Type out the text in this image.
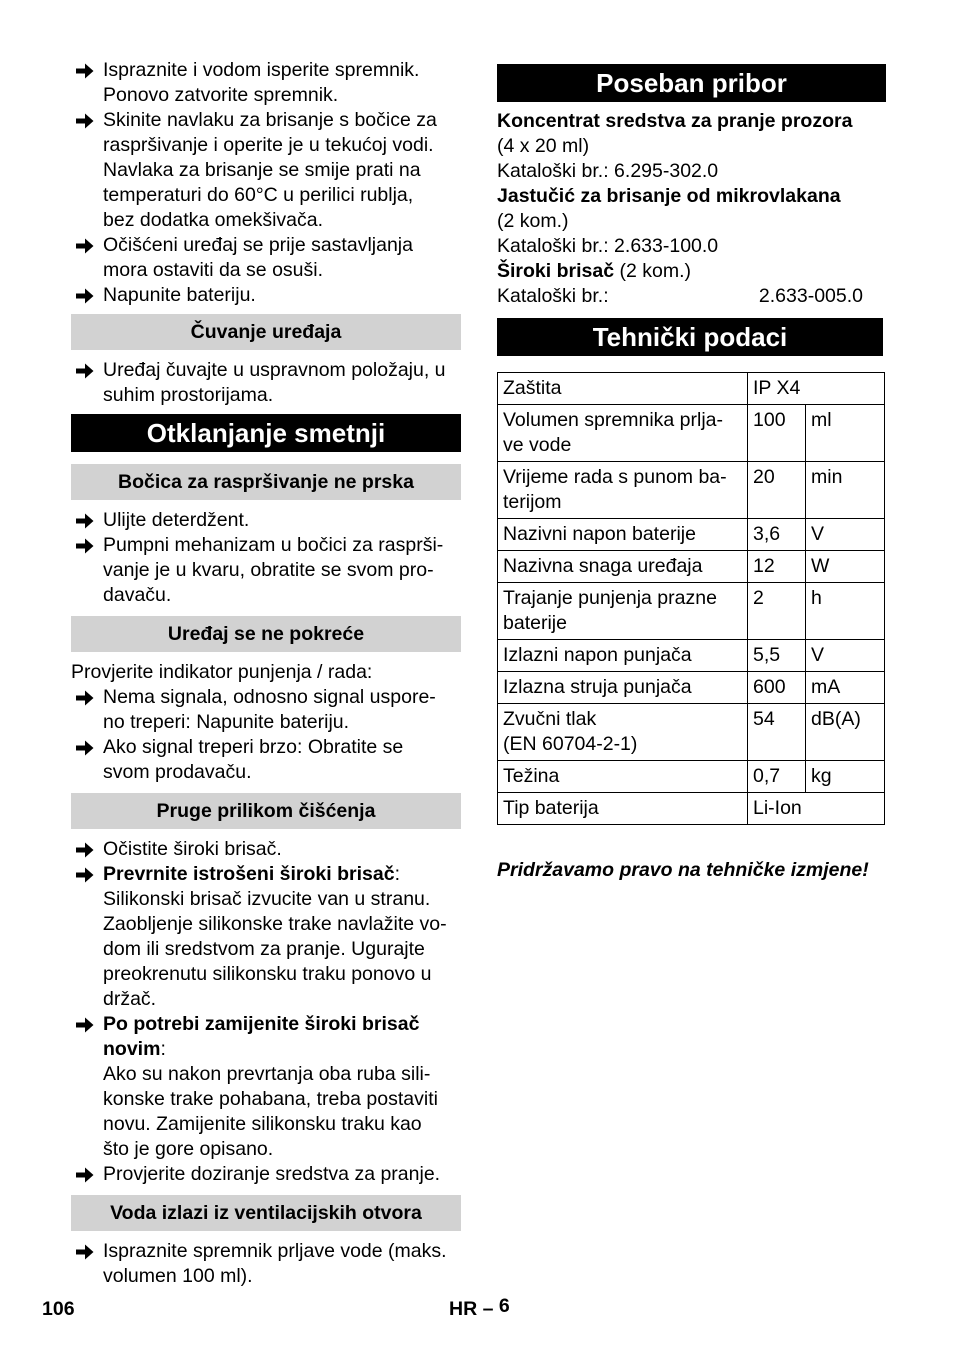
Ispraznite i vodom isperite spremnik.
Ponovo zatvorite spremnik.
Skinite navlaku za brisanje s bočice za
raspršivanje i operite je u tekućoj vodi.
Navlaka za brisanje se smije prati na
temperaturi do 60°C u perilici rublja,
bez dodatka omekšivača.
Očišćeni uređaj se prije sastavljanja
mora ostaviti da se osuši.
Napunite bateriju.
Čuvanje uređaja
Uređaj čuvajte u uspravnom položaju, u
suhim prostorijama.
Otklanjanje smetnji
Bočica za raspršivanje ne prska
Ulijte deterdžent.
Pumpni mehanizam u bočici za rasprši-
vanje je u kvaru, obratite se svom pro-
davaču.
Uređaj se ne pokreće

Provjerite indikator punjenja / rada:

Nema signala, odnosno signal uspore-
no treperi: Napunite bateriju.
Ako signal treperi brzo: Obratite se
svom prodavaču.
Pruge prilikom čišćenja
Očistite široki brisač.
Prevrnite istrošeni široki brisač:
Silikonski brisač izvucite van u stranu.
Zaobljenje silikonske trake navlažite vo-
dom ili sredstvom za pranje. Ugurajte
preokrenutu silikonsku traku ponovo u
držač.
Po potrebi zamijenite široki brisač
novim:
Ako su nakon prevrtanja oba ruba sili-
konske trake pohabana, treba postaviti
novu. Zamijenite silikonsku traku kao
što je gore opisano.
Provjerite doziranje sredstva za pranje.
Voda izlazi iz ventilacijskih otvora
Ispraznite spremnik prljave vode (maks.
volumen 100 ml).
Poseban pribor

Koncentrat sredstva za pranje prozora

(4 x 20 ml)

Kataloški br.: 6.295-302.0

Jastučić za brisanje od mikrovlakana

(2 kom.)

Kataloški br.: 2.633-100.0

Široki brisač (2 kom.)

Kataloški br.:	2.633-005.0

Tehnički podaci
Zaštita	IP X4	

Volumen spremnika prlja-
ve vode	100	ml

Vrijeme rada s punom ba-
terijom	20	min

Nazivni napon baterije	3,6	V

Nazivna snaga uređaja	12	W

Trajanje punjenja prazne
baterije	2	h

Izlazni napon punjača	5,5	V

Izlazna struja punjača	600	mA

Zvučni tlak
(EN 60704-2-1)	54	dB(A)

Težina	0,7	kg

Tip baterija	Li-Ion	

Pridržavamo pravo na tehničke izmjene!

106	HR – 6
